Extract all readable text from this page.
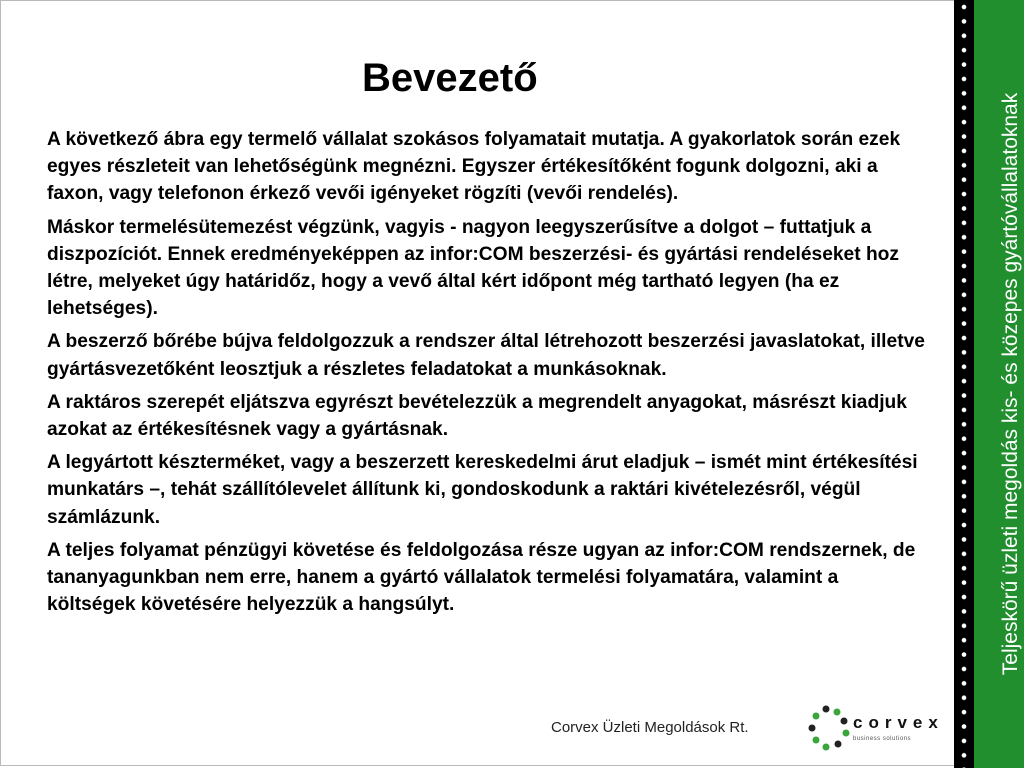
Bevezető

A következő ábra egy termelő vállalat szokásos folyamatait mutatja. A gyakorlatok során ezek egyes részleteit van lehetőségünk megnézni. Egyszer értékesítőként fogunk dolgozni, aki a faxon, vagy telefonon érkező vevői igényeket rögzíti (vevői rendelés).

Máskor termelésütemezést végzünk, vagyis - nagyon leegyszerűsítve a dolgot – futtatjuk a diszpozíciót. Ennek eredményeképpen az infor:COM beszerzési- és gyártási rendeléseket hoz létre, melyeket úgy határidőz, hogy a vevő által kért időpont még tartható legyen (ha ez lehetséges).

A beszerző bőrébe bújva feldolgozzuk a rendszer által létrehozott beszerzési javaslatokat, illetve gyártásvezetőként leosztjuk a részletes feladatokat a munkásoknak.

A raktáros szerepét eljátszva egyrészt bevételezzük a megrendelt anyagokat, másrészt kiadjuk azokat az értékesítésnek vagy a gyártásnak.

A legyártott készterméket, vagy a beszerzett kereskedelmi árut eladjuk – ismét mint értékesítési munkatárs –, tehát szállítólevelet állítunk ki, gondoskodunk a raktári kivételezésről, végül számlázunk.

A teljes folyamat pénzügyi követése és feldolgozása része ugyan az infor:COM rendszernek, de tananyagunkban nem erre, hanem a gyártó vállalatok termelési folyamatára, valamint a költségek követésére helyezzük a hangsúlyt.

Corvex Üzleti Megoldások Rt.	corvex
business solutions
Teljeskörű üzleti megoldás kis- és közepes gyártóvállalatoknak
